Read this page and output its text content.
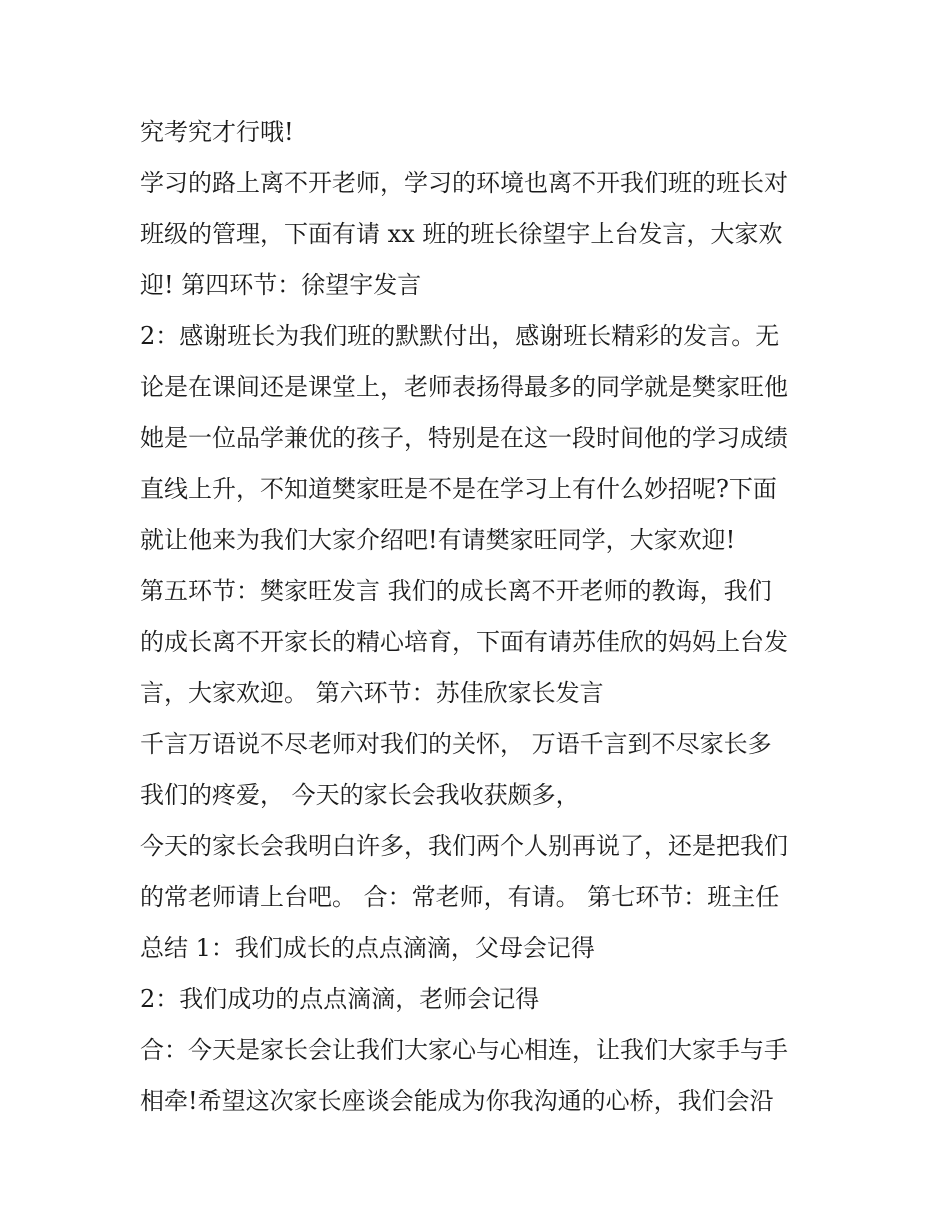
究考究才行哦!
学习的路上离不开老师，学习的环境也离不开我们班的班长对
班级的管理，下面有请 xx 班的班长徐望宇上台发言，大家欢
迎! 第四环节：徐望宇发言
2：感谢班长为我们班的默默付出，感谢班长精彩的发言。无
论是在课间还是课堂上，老师表扬得最多的同学就是樊家旺他
她是一位品学兼优的孩子，特别是在这一段时间他的学习成绩
直线上升，不知道樊家旺是不是在学习上有什么妙招呢?下面
就让他来为我们大家介绍吧!有请樊家旺同学，大家欢迎!
第五环节：樊家旺发言 我们的成长离不开老师的教诲，我们
的成长离不开家长的精心培育，下面有请苏佳欣的妈妈上台发
言，大家欢迎。 第六环节：苏佳欣家长发言
千言万语说不尽老师对我们的关怀， 万语千言到不尽家长多
我们的疼爱， 今天的家长会我收获颇多，
今天的家长会我明白许多，我们两个人别再说了，还是把我们
的常老师请上台吧。 合：常老师，有请。 第七环节：班主任
总结 1：我们成长的点点滴滴，父母会记得
2：我们成功的点点滴滴，老师会记得
合：今天是家长会让我们大家心与心相连，让我们大家手与手
相牵!希望这次家长座谈会能成为你我沟通的心桥，我们会沿
